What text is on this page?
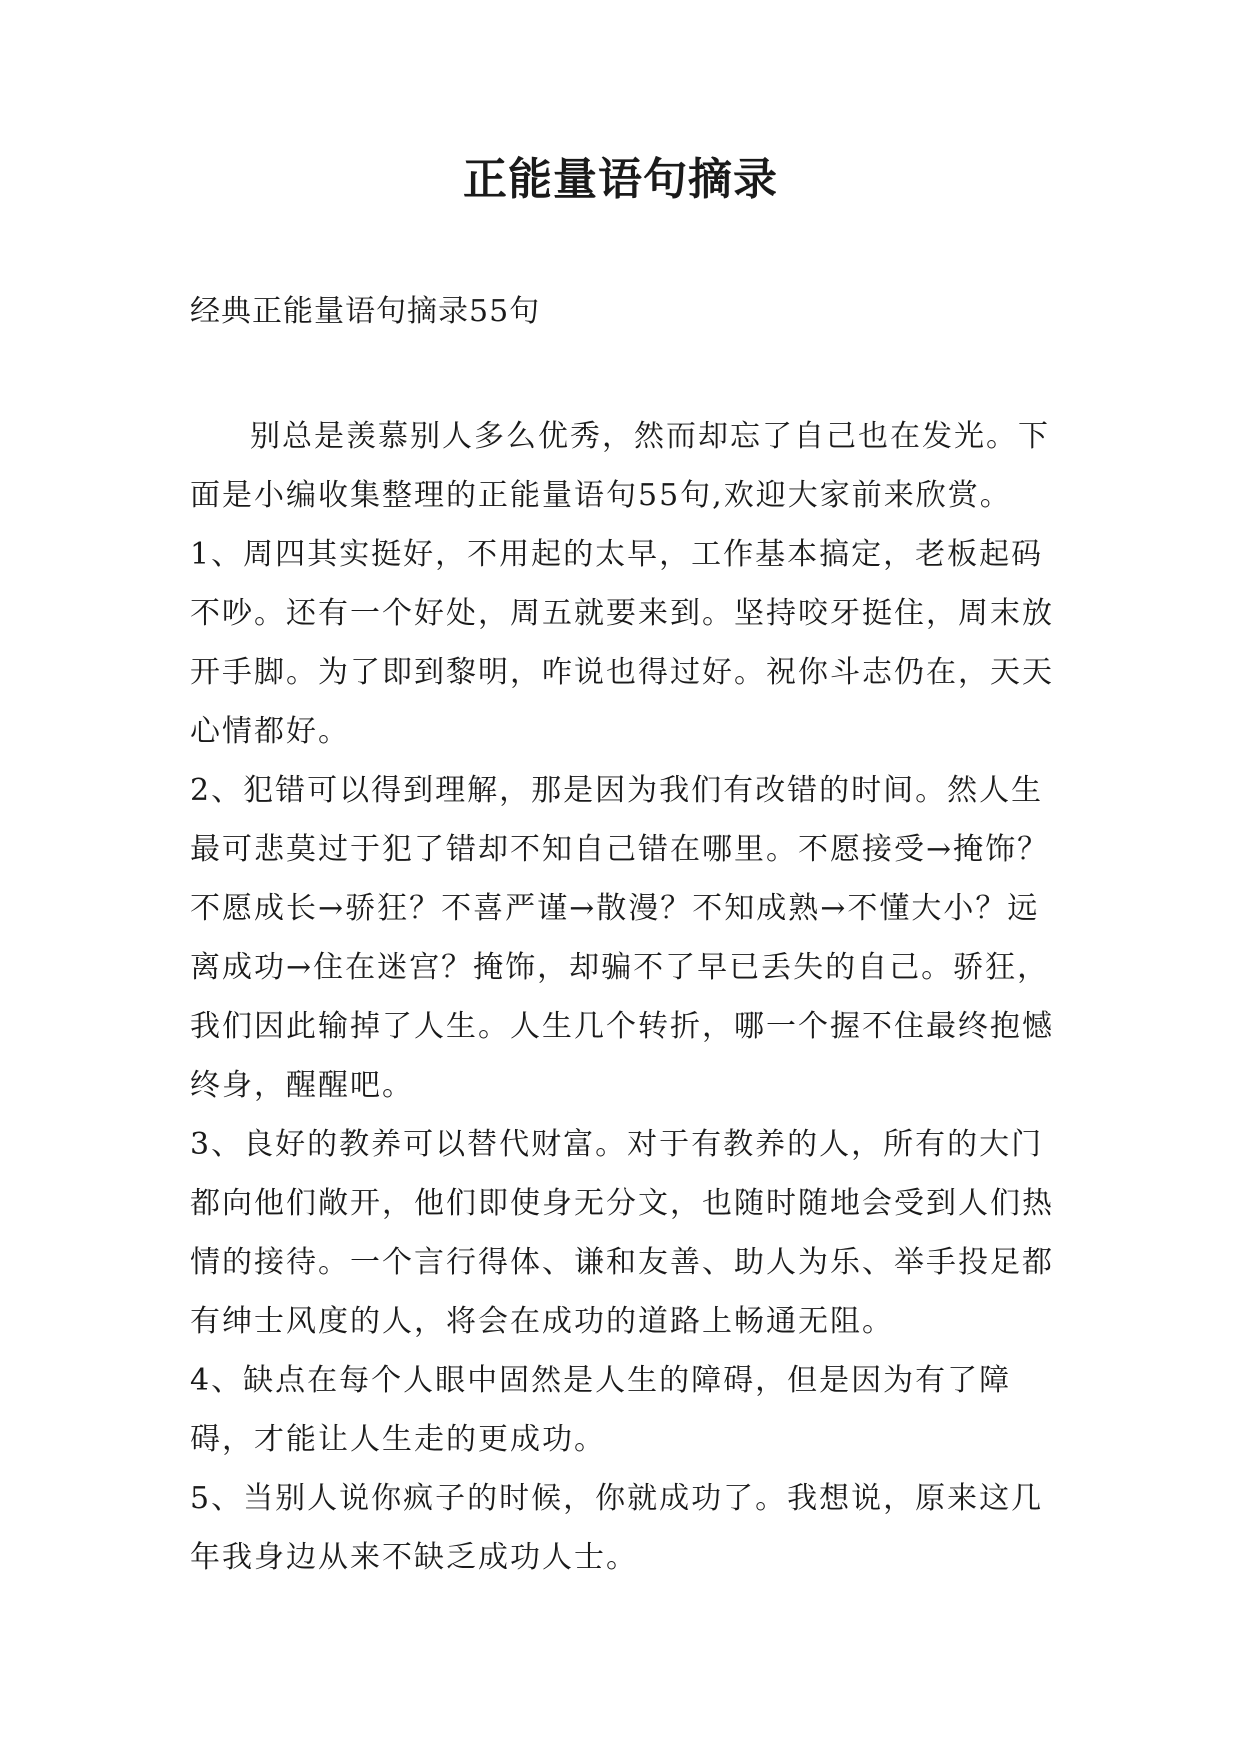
正能量语句摘录

经典正能量语句摘录55句

别总是羡慕别人多么优秀，然而却忘了自己也在发光。下面是小编收集整理的正能量语句55句,欢迎大家前来欣赏。

1、周四其实挺好，不用起的太早，工作基本搞定，老板起码不吵。还有一个好处，周五就要来到。坚持咬牙挺住，周末放开手脚。为了即到黎明，咋说也得过好。祝你斗志仍在，天天心情都好。

2、犯错可以得到理解，那是因为我们有改错的时间。然人生最可悲莫过于犯了错却不知自己错在哪里。不愿接受→掩饰？不愿成长→骄狂？不喜严谨→散漫？不知成熟→不懂大小？远离成功→住在迷宫？掩饰，却骗不了早已丢失的自己。骄狂，我们因此输掉了人生。人生几个转折，哪一个握不住最终抱憾终身，醒醒吧。

3、良好的教养可以替代财富。对于有教养的人，所有的大门都向他们敞开，他们即使身无分文，也随时随地会受到人们热情的接待。一个言行得体、谦和友善、助人为乐、举手投足都有绅士风度的人，将会在成功的道路上畅通无阻。

4、缺点在每个人眼中固然是人生的障碍，但是因为有了障碍，才能让人生走的更成功。

5、当别人说你疯子的时候，你就成功了。我想说，原来这几年我身边从来不缺乏成功人士。
